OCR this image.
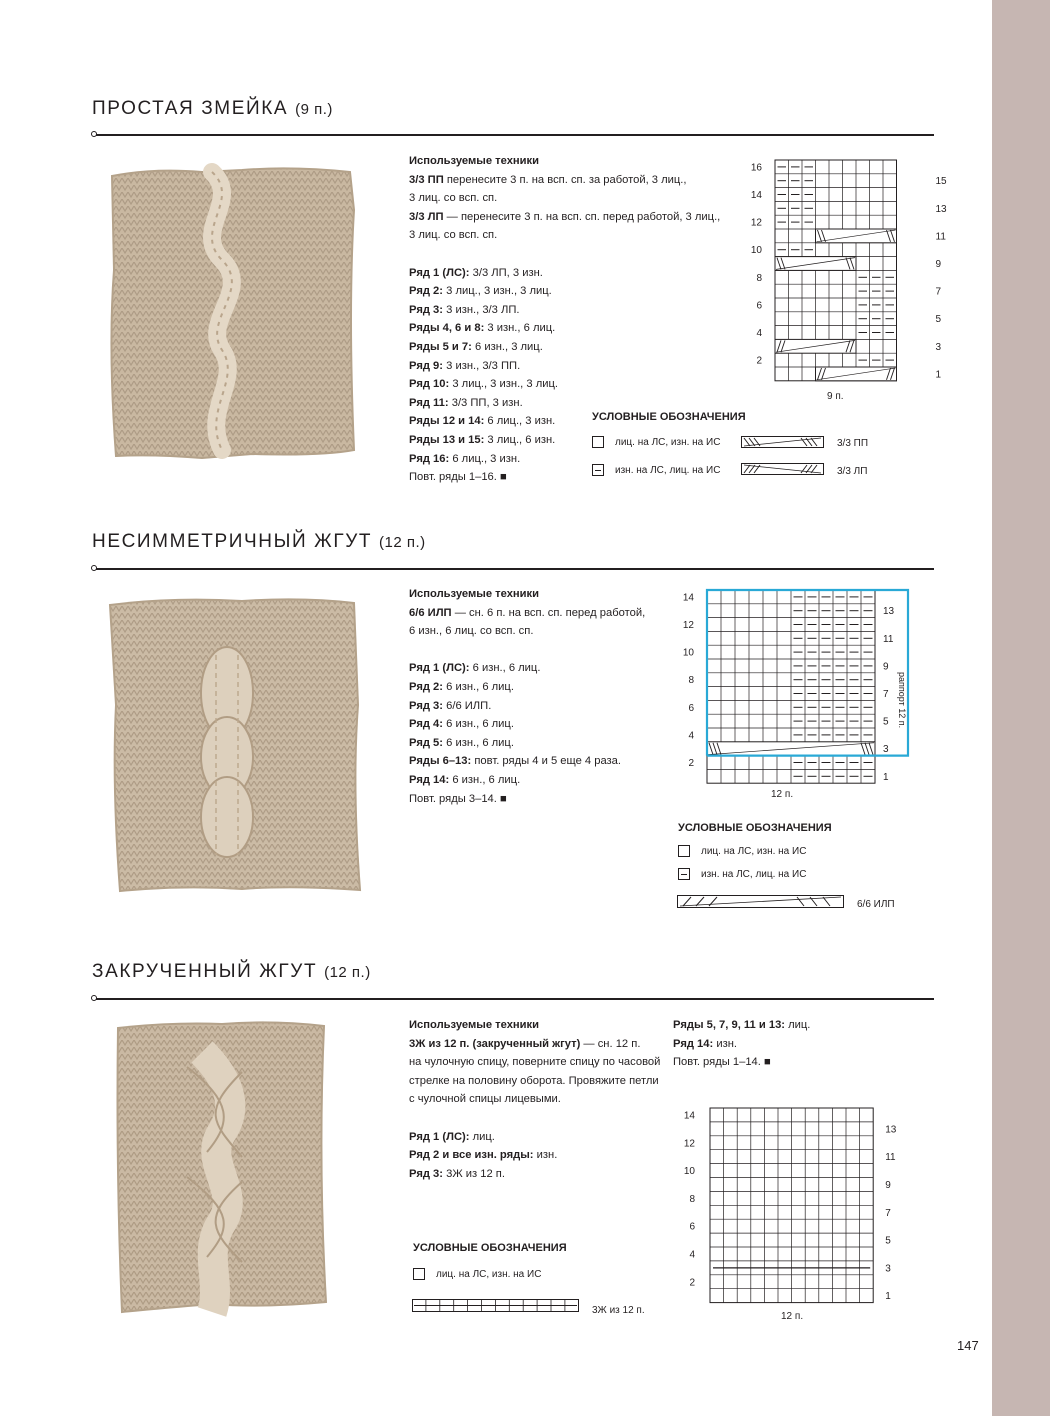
ПРОСТАЯ ЗМЕЙКА (9 п.)
Используемые техники
3/3 ПП перенесите 3 п. на всп. сп. за работой, 3 лиц.,
3 лиц. со всп. сп.
3/3 ЛП — перенесите 3 п. на всп. сп. перед работой, 3 лиц.,
3 лиц. со всп. сп.
Ряд 1 (ЛС): 3/3 ЛП, 3 изн.
Ряд 2: 3 лиц., 3 изн., 3 лиц.
Ряд 3: 3 изн., 3/3 ЛП.
Ряды 4, 6 и 8: 3 изн., 6 лиц.
Ряды 5 и 7: 6 изн., 3 лиц.
Ряд 9: 3 изн., 3/3 ПП.
Ряд 10: 3 лиц., 3 изн., 3 лиц.
Ряд 11: 3/3 ПП, 3 изн.
Ряды 12 и 14: 6 лиц., 3 изн.
Ряды 13 и 15: 3 лиц., 6 изн.
Ряд 16: 6 лиц., 3 изн.
Повт. ряды 1–16. ■
2
4
6
8
10
12
14
16
1
3
5
7
9
11
13
15
9 п.
УСЛОВНЫЕ ОБОЗНАЧЕНИЯ
лиц. на ЛС, изн. на ИС
изн. на ЛС, лиц. на ИС
3/3 ПП
3/3 ЛП
НЕСИММЕТРИЧНЫЙ ЖГУТ (12 п.)
Используемые техники
6/6 ИЛП — сн. 6 п. на всп. сп. перед работой,
6 изн., 6 лиц. со всп. сп.
Ряд 1 (ЛС): 6 изн., 6 лиц.
Ряд 2: 6 изн., 6 лиц.
Ряд 3: 6/6 ИЛП.
Ряд 4: 6 изн., 6 лиц.
Ряд 5: 6 изн., 6 лиц.
Ряды 6–13: повт. ряды 4 и 5 еще 4 раза.
Ряд 14: 6 изн., 6 лиц.
Повт. ряды 3–14. ■
2
4
6
8
10
12
14
1
3
5
7
9
11
13
12 п.
раппорт 12 п.
УСЛОВНЫЕ ОБОЗНАЧЕНИЯ
лиц. на ЛС, изн. на ИС
изн. на ЛС, лиц. на ИС
6/6 ИЛП
ЗАКРУЧЕННЫЙ ЖГУТ (12 п.)
Используемые техники
3Ж из 12 п. (закрученный жгут) — сн. 12 п.
на чулочную спицу, поверните спицу по часовой
стрелке на половину оборота. Провяжите петли
с чулочной спицы лицевыми.
Ряд 1 (ЛС): лиц.
Ряд 2 и все изн. ряды: изн.
Ряд 3: 3Ж из 12 п.
Ряды 5, 7, 9, 11 и 13: лиц.
Ряд 14: изн.
Повт. ряды 1–14. ■
УСЛОВНЫЕ ОБОЗНАЧЕНИЯ
лиц. на ЛС, изн. на ИС
3Ж из 12 п.
2
4
6
8
10
12
14
1
3
5
7
9
11
13
12 п.
147
